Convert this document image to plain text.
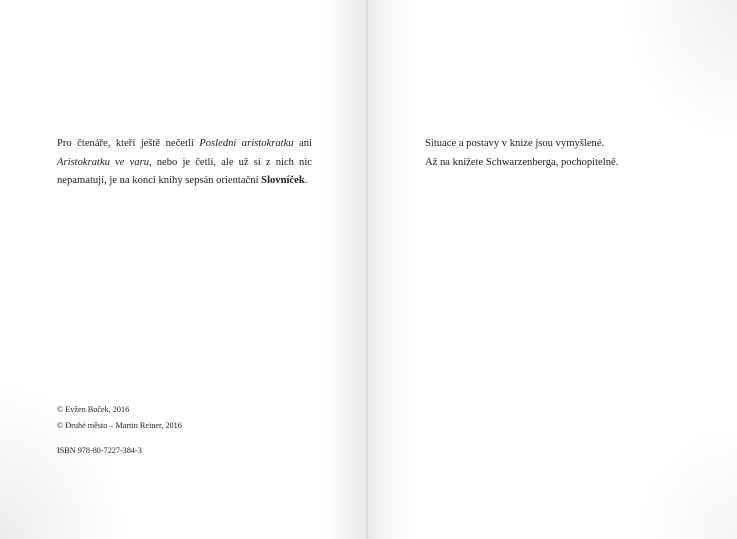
Pro čtenáře, kteří ještě nečetli Poslední aristokratku ani Aristokratku ve varu, nebo je četli, ale už si z nich nic nepamatují, je na konci knihy sepsán orientační Slovníček.

© Evžen Boček, 2016
© Druhé město – Martin Reiner, 2016

ISBN 978-80-7227-384-3

Situace a postavy v knize jsou vymyšlené.
Až na knížete Schwarzenberga, pochopitelně.
